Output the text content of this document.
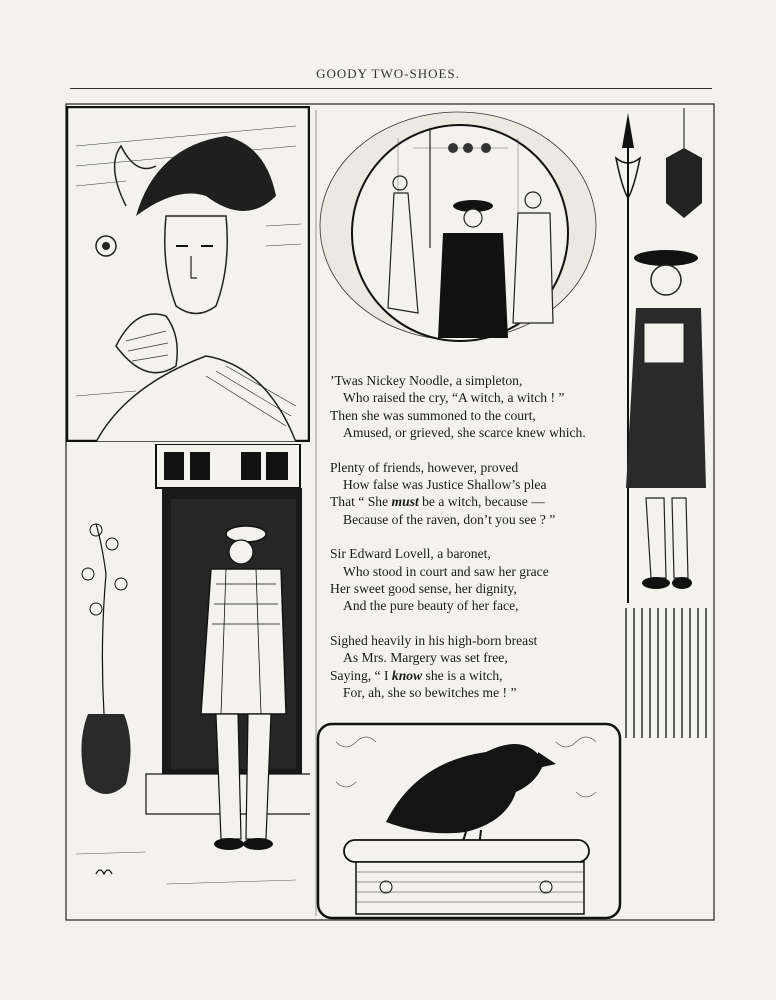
GOODY TWO-SHOES.
’Twas Nickey Noodle, a simpleton,
Who raised the cry, “A witch, a witch ! ”
Then she was summoned to the court,
Amused, or grieved, she scarce knew which.
Plenty of friends, however, proved
How false was Justice Shallow’s plea
That “ She must be a witch, because —
Because of the raven, don’t you see ? ”
Sir Edward Lovell, a baronet,
Who stood in court and saw her grace
Her sweet good sense, her dignity,
And the pure beauty of her face,
Sighed heavily in his high-born breast
As Mrs. Margery was set free,
Saying, “ I know she is a witch,
For, ah, she so bewitches me ! ”
